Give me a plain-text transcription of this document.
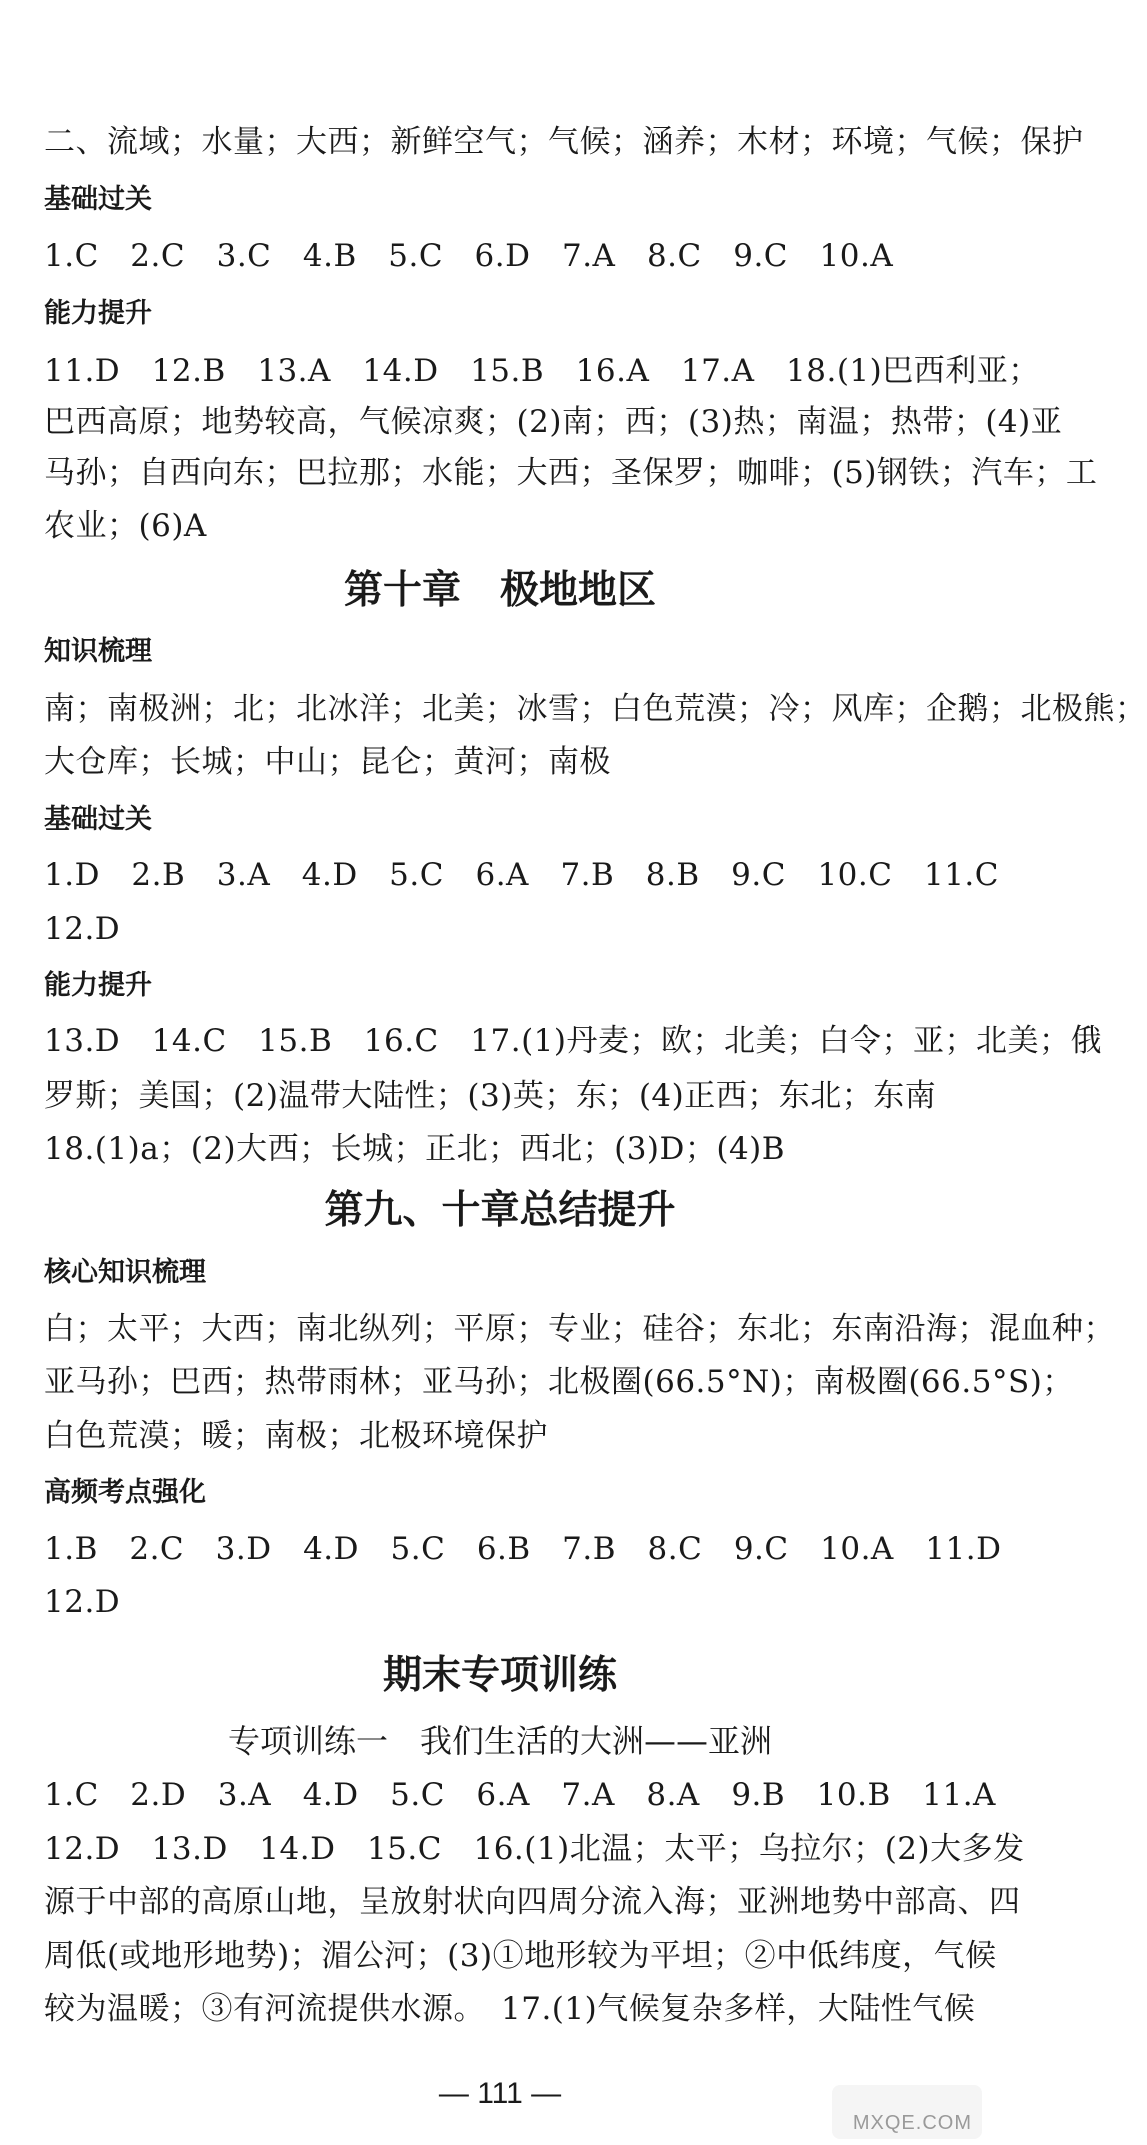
二、流域；水量；大西；新鲜空气；气候；涵养；木材；环境；气候；保护
基础过关
1.C　2.C　3.C　4.B　5.C　6.D　7.A　8.C　9.C　10.A
能力提升
11.D　12.B　13.A　14.D　15.B　16.A　17.A　18.(1)巴西利亚；
巴西高原；地势较高，气候凉爽；(2)南；西；(3)热；南温；热带；(4)亚
马孙；自西向东；巴拉那；水能；大西；圣保罗；咖啡；(5)钢铁；汽车；工
农业；(6)A
第十章　极地地区
知识梳理
南；南极洲；北；北冰洋；北美；冰雪；白色荒漠；冷；风库；企鹅；北极熊；
大仓库；长城；中山；昆仑；黄河；南极
基础过关
1.D　2.B　3.A　4.D　5.C　6.A　7.B　8.B　9.C　10.C　11.C
12.D
能力提升
13.D　14.C　15.B　16.C　17.(1)丹麦；欧；北美；白令；亚；北美；俄
罗斯；美国；(2)温带大陆性；(3)英；东；(4)正西；东北；东南
18.(1)a；(2)大西；长城；正北；西北；(3)D；(4)B
第九、十章总结提升
核心知识梳理
白；太平；大西；南北纵列；平原；专业；硅谷；东北；东南沿海；混血种；
亚马孙；巴西；热带雨林；亚马孙；北极圈(66.5°N)；南极圈(66.5°S)；
白色荒漠；暖；南极；北极环境保护
高频考点强化
1.B　2.C　3.D　4.D　5.C　6.B　7.B　8.C　9.C　10.A　11.D
12.D
期末专项训练
专项训练一　我们生活的大洲——亚洲
1.C　2.D　3.A　4.D　5.C　6.A　7.A　8.A　9.B　10.B　11.A
12.D　13.D　14.D　15.C　16.(1)北温；太平；乌拉尔；(2)大多发
源于中部的高原山地，呈放射状向四周分流入海；亚洲地势中部高、四
周低(或地形地势)；湄公河；(3)①地形较为平坦；②中低纬度，气候
较为温暖；③有河流提供水源。　17.(1)气候复杂多样，大陆性气候
— 111 —
MXQE.COM
